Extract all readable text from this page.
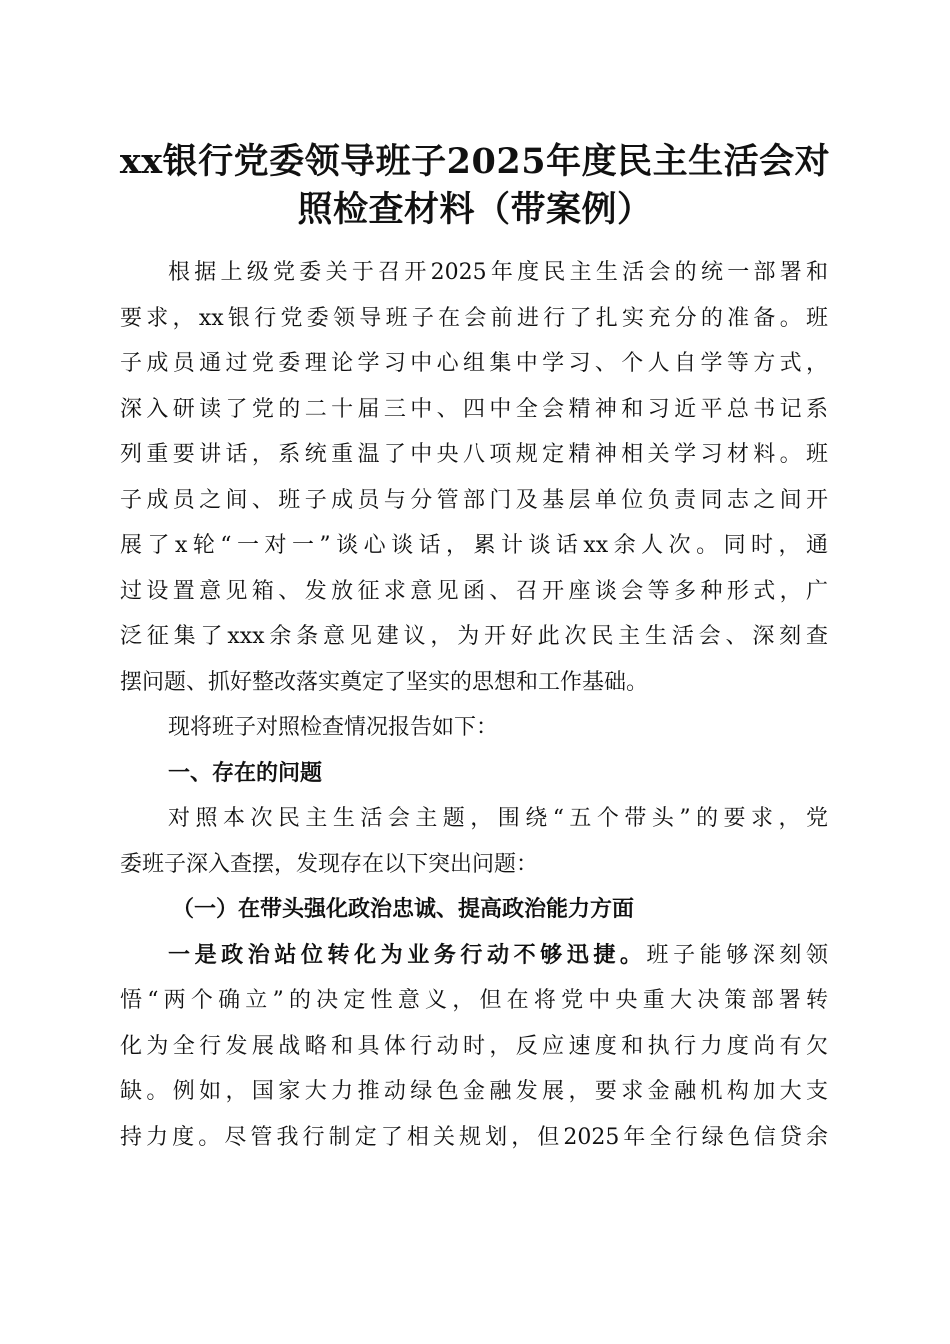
xx银行党委领导班子2025年度民主生活会对
照检查材料（带案例）
根据上级党委关于召开2025年度民主生活会的统一部署和
要求，xx银行党委领导班子在会前进行了扎实充分的准备。班
子成员通过党委理论学习中心组集中学习、个人自学等方式，
深入研读了党的二十届三中、四中全会精神和习近平总书记系
列重要讲话，系统重温了中央八项规定精神相关学习材料。班
子成员之间、班子成员与分管部门及基层单位负责同志之间开
展了x轮“一对一”谈心谈话，累计谈话xx余人次。同时，通
过设置意见箱、发放征求意见函、召开座谈会等多种形式，广
泛征集了xxx余条意见建议，为开好此次民主生活会、深刻查
摆问题、抓好整改落实奠定了坚实的思想和工作基础。
现将班子对照检查情况报告如下：
一、存在的问题
对照本次民主生活会主题，围绕“五个带头”的要求，党
委班子深入查摆，发现存在以下突出问题：
（一）在带头强化政治忠诚、提高政治能力方面
一是政治站位转化为业务行动不够迅捷。班子能够深刻领
悟“两个确立”的决定性意义，但在将党中央重大决策部署转
化为全行发展战略和具体行动时，反应速度和执行力度尚有欠
缺。例如，国家大力推动绿色金融发展，要求金融机构加大支
持力度。尽管我行制定了相关规划，但2025年全行绿色信贷余
